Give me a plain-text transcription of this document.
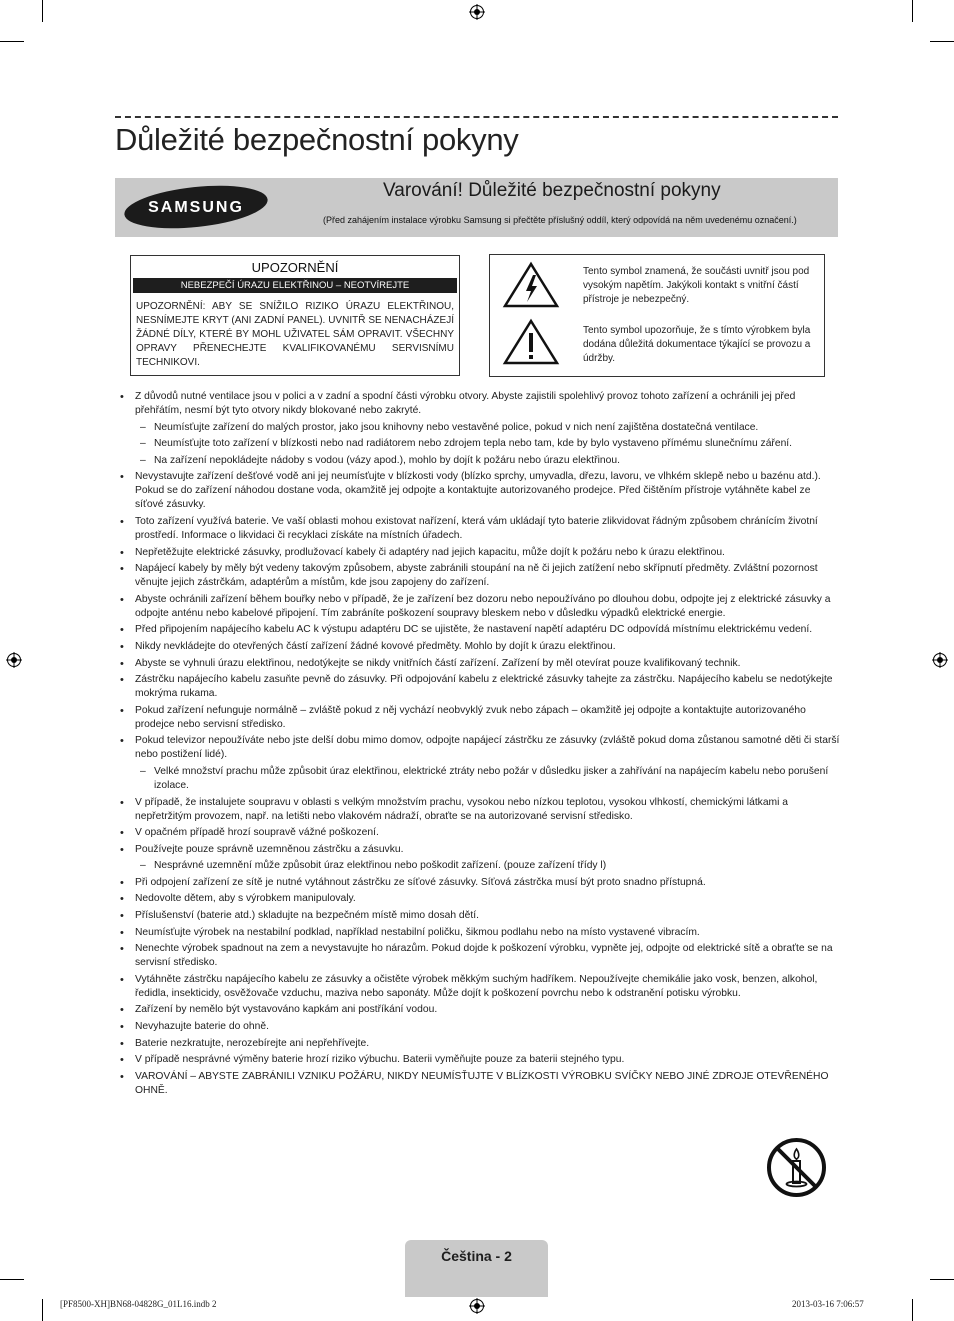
Důležité bezpečnostní pokyny
SAMSUNG
Varování! Důležité bezpečnostní pokyny
(Před zahájením instalace výrobku Samsung si přečtěte příslušný oddíl, který odpovídá na něm uvedenému označení.)
UPOZORNĚNÍ
NEBEZPEČÍ ÚRAZU ELEKTŘINOU – NEOTVÍREJTE
UPOZORNĚNÍ: ABY SE SNÍŽILO RIZIKO ÚRAZU ELEKTŘINOU, NESNÍMEJTE KRYT (ANI ZADNÍ PANEL). UVNITŘ SE NENACHÁZEJÍ ŽÁDNÉ DÍLY, KTERÉ BY MOHL UŽIVATEL SÁM OPRAVIT. VŠECHNY OPRAVY PŘENECHEJTE KVALIFIKOVANÉMU SERVISNÍMU TECHNIKOVI.
Tento symbol znamená, že součásti uvnitř jsou pod vysokým napětím. Jakýkoli kontakt s vnitřní částí přístroje je nebezpečný.
Tento symbol upozorňuje, že s tímto výrobkem byla dodána důležitá dokumentace týkající se provozu a údržby.
• Z důvodů nutné ventilace jsou v polici a v zadní a spodní části výrobku otvory. Abyste zajistili spolehlivý provoz tohoto zařízení a ochránili jej před přehřátím, nesmí být tyto otvory nikdy blokované nebo zakryté.
– Neumísťujte zařízení do malých prostor, jako jsou knihovny nebo vestavěné police, pokud v nich není zajištěna dostatečná ventilace.
– Neumísťujte toto zařízení v blízkosti nebo nad radiátorem nebo zdrojem tepla nebo tam, kde by bylo vystaveno přímému slunečnímu záření.
– Na zařízení nepokládejte nádoby s vodou (vázy apod.), mohlo by dojít k požáru nebo úrazu elektřinou.
• Nevystavujte zařízení dešťové vodě ani jej neumísťujte v blízkosti vody (blízko sprchy, umyvadla, dřezu, lavoru, ve vlhkém sklepě nebo u bazénu atd.). Pokud se do zařízení náhodou dostane voda, okamžitě jej odpojte a kontaktujte autorizovaného prodejce. Před čištěním přístroje vytáhněte kabel ze síťové zásuvky.
• Toto zařízení využívá baterie. Ve vaší oblasti mohou existovat nařízení, která vám ukládají tyto baterie zlikvidovat řádným způsobem chránícím životní prostředí. Informace o likvidaci či recyklaci získáte na místních úřadech.
• Nepřetěžujte elektrické zásuvky, prodlužovací kabely či adaptéry nad jejich kapacitu, může dojít k požáru nebo k úrazu elektřinou.
• Napájecí kabely by měly být vedeny takovým způsobem, abyste zabránili stoupání na ně či jejich zatížení nebo skřípnutí předměty. Zvláštní pozornost věnujte jejich zástrčkám, adaptérům a místům, kde jsou zapojeny do zařízení.
• Abyste ochránili zařízení během bouřky nebo v případě, že je zařízení bez dozoru nebo nepoužíváno po dlouhou dobu, odpojte jej z elektrické zásuvky a odpojte anténu nebo kabelové připojení. Tím zabráníte poškození soupravy bleskem nebo v důsledku výpadků elektrické energie.
• Před připojením napájecího kabelu AC k výstupu adaptéru DC se ujistěte, že nastavení napětí adaptéru DC odpovídá místnímu elektrickému vedení.
• Nikdy nevkládejte do otevřených částí zařízení žádné kovové předměty. Mohlo by dojít k úrazu elektřinou.
• Abyste se vyhnuli úrazu elektřinou, nedotýkejte se nikdy vnitřních částí zařízení. Zařízení by měl otevírat pouze kvalifikovaný technik.
• Zástrčku napájecího kabelu zasuňte pevně do zásuvky. Při odpojování kabelu z elektrické zásuvky tahejte za zástrčku. Napájecího kabelu se nedotýkejte mokrýma rukama.
• Pokud zařízení nefunguje normálně – zvláště pokud z něj vychází neobvyklý zvuk nebo zápach – okamžitě jej odpojte a kontaktujte autorizovaného prodejce nebo servisní středisko.
• Pokud televizor nepoužíváte nebo jste delší dobu mimo domov, odpojte napájecí zástrčku ze zásuvky (zvláště pokud doma zůstanou samotné děti či starší nebo postižení lidé).
– Velké množství prachu může způsobit úraz elektřinou, elektrické ztráty nebo požár v důsledku jisker a zahřívání na napájecím kabelu nebo porušení izolace.
• V případě, že instalujete soupravu v oblasti s velkým množstvím prachu, vysokou nebo nízkou teplotou, vysokou vlhkostí, chemickými látkami a nepřetržitým provozem, např. na letišti nebo vlakovém nádraží, obraťte se na autorizované servisní středisko.
• V opačném případě hrozí soupravě vážné poškození.
• Používejte pouze správně uzemněnou zástrčku a zásuvku.
– Nesprávné uzemnění může způsobit úraz elektřinou nebo poškodit zařízení. (pouze zařízení třídy l)
• Při odpojení zařízení ze sítě je nutné vytáhnout zástrčku ze síťové zásuvky. Síťová zástrčka musí být proto snadno přístupná.
• Nedovolte dětem, aby s výrobkem manipulovaly.
• Příslušenství (baterie atd.) skladujte na bezpečném místě mimo dosah dětí.
• Neumísťujte výrobek na nestabilní podklad, například nestabilní poličku, šikmou podlahu nebo na místo vystavené vibracím.
• Nenechte výrobek spadnout na zem a nevystavujte ho nárazům. Pokud dojde k poškození výrobku, vypněte jej, odpojte od elektrické sítě a obraťte se na servisní středisko.
• Vytáhněte zástrčku napájecího kabelu ze zásuvky a očistěte výrobek měkkým suchým hadříkem. Nepoužívejte chemikálie jako vosk, benzen, alkohol, ředidla, insekticidy, osvěžovače vzduchu, maziva nebo saponáty. Může dojít k poškození povrchu nebo k odstranění potisku výrobku.
• Zařízení by nemělo být vystavováno kapkám ani postříkání vodou.
• Nevyhazujte baterie do ohně.
• Baterie nezkratujte, nerozebírejte ani nepřehřívejte.
• V případě nesprávné výměny baterie hrozí riziko výbuchu. Baterii vyměňujte pouze za baterii stejného typu.
• VAROVÁNÍ – ABYSTE ZABRÁNILI VZNIKU POŽÁRU, NIKDY NEUMÍSŤUJTE V BLÍZKOSTI VÝROBKU SVÍČKY NEBO JINÉ ZDROJE OTEVŘENÉHO OHNĚ.
Čeština - 2
[PF8500-XH]BN68-04828G_01L16.indb 2	2013-03-16 7:06:57
